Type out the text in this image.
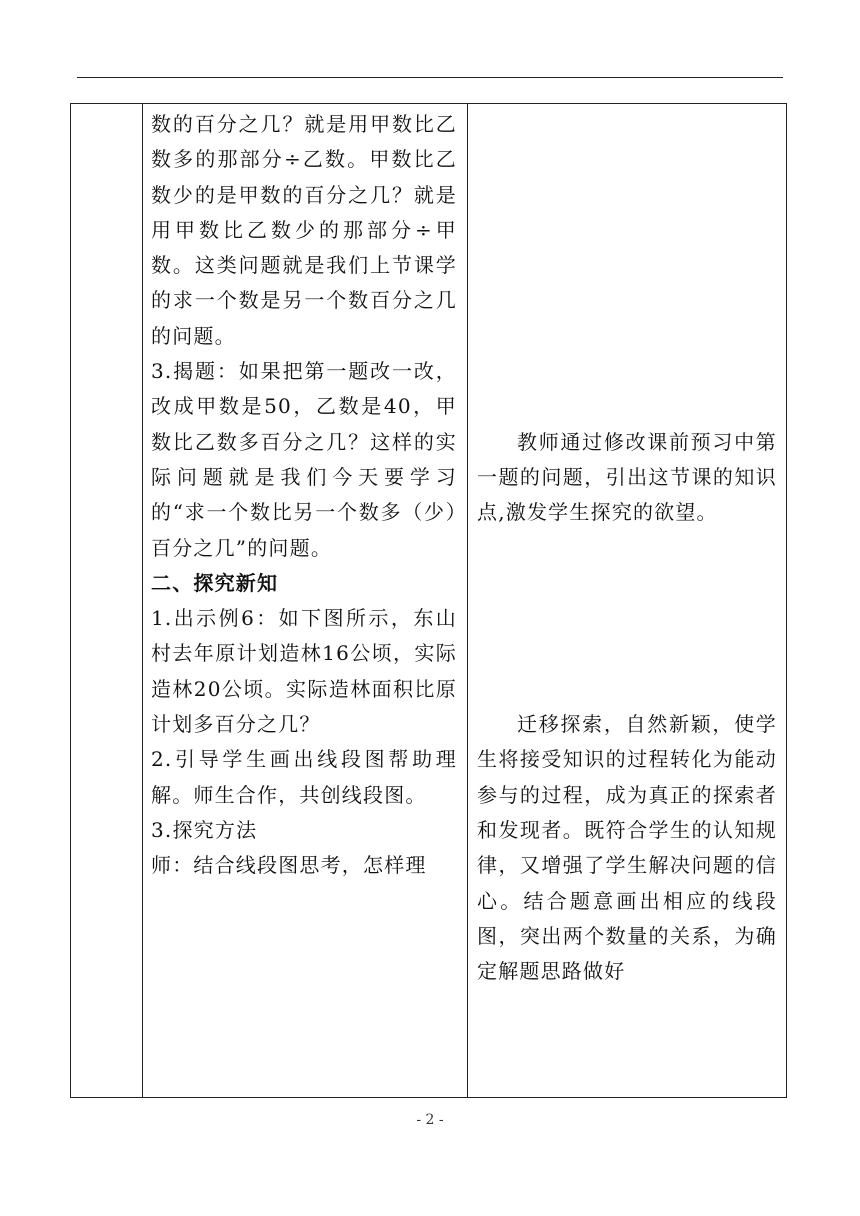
数的百分之几？就是用甲数比乙数多的那部分÷乙数。甲数比乙数少的是甲数的百分之几？就是用甲数比乙数少的那部分÷甲数。这类问题就是我们上节课学的求一个数是另一个数百分之几的问题。

3.揭题：如果把第一题改一改，改成甲数是50，乙数是40，甲数比乙数多百分之几？这样的实际问题就是我们今天要学习的“求一个数比另一个数多（少）百分之几”的问题。

二、探究新知

1.出示例6：如下图所示，东山村去年原计划造林16公顷，实际造林20公顷。实际造林面积比原计划多百分之几？

2.引导学生画出线段图帮助理解。师生合作，共创线段图。

3.探究方法

师：结合线段图思考，怎样理

教师通过修改课前预习中第一题的问题，引出这节课的知识点,激发学生探究的欲望。

迁移探索，自然新颖，使学生将接受知识的过程转化为能动参与的过程，成为真正的探索者和发现者。既符合学生的认知规律，又增强了学生解决问题的信心。结合题意画出相应的线段图，突出两个数量的关系，为确定解题思路做好

- 2 -
